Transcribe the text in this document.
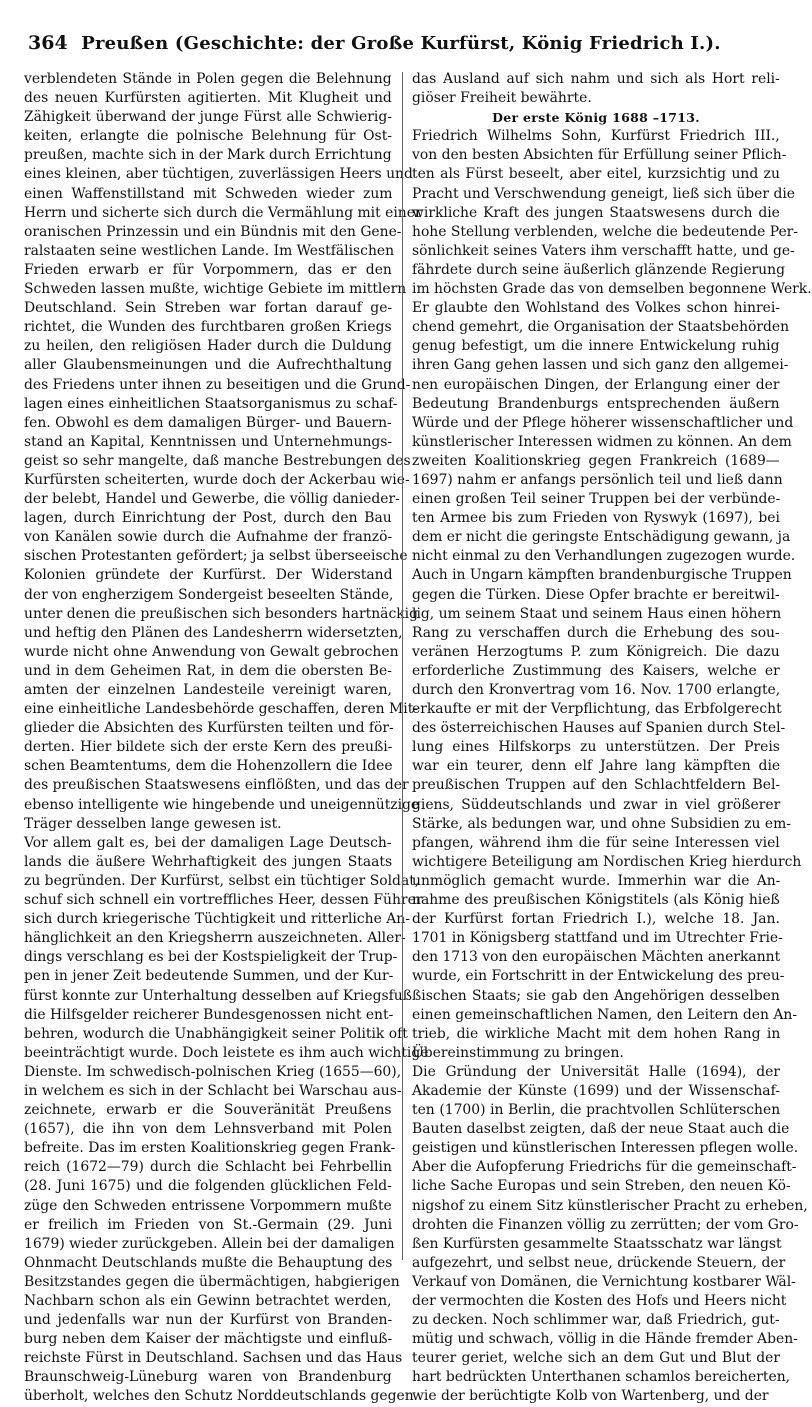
364 Preußen (Geschichte: der Große Kurfürst, König Friedrich I.).
verblendeten Stände in Polen gegen die Belehnung
des neuen Kurfürsten agitierten. Mit Klugheit und
Zähigkeit überwand der junge Fürst alle Schwierig-
keiten, erlangte die polnische Belehnung für Ost-
preußen, machte sich in der Mark durch Errichtung
eines kleinen, aber tüchtigen, zuverlässigen Heers und
einen Waffenstillstand mit Schweden wieder zum
Herrn und sicherte sich durch die Vermählung mit einer
oranischen Prinzessin und ein Bündnis mit den Gene-
ralstaaten seine westlichen Lande. Im Westfälischen
Frieden erwarb er für Vorpommern, das er den
Schweden lassen mußte, wichtige Gebiete im mittlern
Deutschland. Sein Streben war fortan darauf ge-
richtet, die Wunden des furchtbaren großen Kriegs
zu heilen, den religiösen Hader durch die Duldung
aller Glaubensmeinungen und die Aufrechthaltung
des Friedens unter ihnen zu beseitigen und die Grund-
lagen eines einheitlichen Staatsorganismus zu schaf-
fen. Obwohl es dem damaligen Bürger- und Bauern-
stand an Kapital, Kenntnissen und Unternehmungs-
geist so sehr mangelte, daß manche Bestrebungen des
Kurfürsten scheiterten, wurde doch der Ackerbau wie-
der belebt, Handel und Gewerbe, die völlig danieder-
lagen, durch Einrichtung der Post, durch den Bau
von Kanälen sowie durch die Aufnahme der franzö-
sischen Protestanten gefördert; ja selbst überseeische
Kolonien gründete der Kurfürst. Der Widerstand
der von engherzigem Sondergeist beseelten Stände,
unter denen die preußischen sich besonders hartnäckig
und heftig den Plänen des Landesherrn widersetzten,
wurde nicht ohne Anwendung von Gewalt gebrochen
und in dem Geheimen Rat, in dem die obersten Be-
amten der einzelnen Landesteile vereinigt waren,
eine einheitliche Landesbehörde geschaffen, deren Mit-
glieder die Absichten des Kurfürsten teilten und för-
derten. Hier bildete sich der erste Kern des preußi-
schen Beamtentums, dem die Hohenzollern die Idee
des preußischen Staatswesens einflößten, und das der
ebenso intelligente wie hingebende und uneigennützige
Träger desselben lange gewesen ist.
Vor allem galt es, bei der damaligen Lage Deutsch-
lands die äußere Wehrhaftigkeit des jungen Staats
zu begründen. Der Kurfürst, selbst ein tüchtiger Soldat,
schuf sich schnell ein vortreffliches Heer, dessen Führer
sich durch kriegerische Tüchtigkeit und ritterliche An-
hänglichkeit an den Kriegsherrn auszeichneten. Aller-
dings verschlang es bei der Kostspieligkeit der Trup-
pen in jener Zeit bedeutende Summen, und der Kur-
fürst konnte zur Unterhaltung desselben auf Kriegsfuß
die Hilfsgelder reicherer Bundesgenossen nicht ent-
behren, wodurch die Unabhängigkeit seiner Politik oft
beeinträchtigt wurde. Doch leistete es ihm auch wichtige
Dienste. Im schwedisch-polnischen Krieg (1655—60),
in welchem es sich in der Schlacht bei Warschau aus-
zeichnete, erwarb er die Souveränität Preußens
(1657), die ihn von dem Lehnsverband mit Polen
befreite. Das im ersten Koalitionskrieg gegen Frank-
reich (1672—79) durch die Schlacht bei Fehrbellin
(28. Juni 1675) und die folgenden glücklichen Feld-
züge den Schweden entrissene Vorpommern mußte
er freilich im Frieden von St.-Germain (29. Juni
1679) wieder zurückgeben. Allein bei der damaligen
Ohnmacht Deutschlands mußte die Behauptung des
Besitzstandes gegen die übermächtigen, habgierigen
Nachbarn schon als ein Gewinn betrachtet werden,
und jedenfalls war nun der Kurfürst von Branden-
burg neben dem Kaiser der mächtigste und einfluß-
reichste Fürst in Deutschland. Sachsen und das Haus
Braunschweig-Lüneburg waren von Brandenburg
überholt, welches den Schutz Norddeutschlands gegen
das Ausland auf sich nahm und sich als Hort reli-
giöser Freiheit bewährte.
Der erste König 1688 –1713.
Friedrich Wilhelms Sohn, Kurfürst Friedrich III.,
von den besten Absichten für Erfüllung seiner Pflich-
ten als Fürst beseelt, aber eitel, kurzsichtig und zu
Pracht und Verschwendung geneigt, ließ sich über die
wirkliche Kraft des jungen Staatswesens durch die
hohe Stellung verblenden, welche die bedeutende Per-
sönlichkeit seines Vaters ihm verschafft hatte, und ge-
fährdete durch seine äußerlich glänzende Regierung
im höchsten Grade das von demselben begonnene Werk.
Er glaubte den Wohlstand des Volkes schon hinrei-
chend gemehrt, die Organisation der Staatsbehörden
genug befestigt, um die innere Entwickelung ruhig
ihren Gang gehen lassen und sich ganz den allgemei-
nen europäischen Dingen, der Erlangung einer der
Bedeutung Brandenburgs entsprechenden äußern
Würde und der Pflege höherer wissenschaftlicher und
künstlerischer Interessen widmen zu können. An dem
zweiten Koalitionskrieg gegen Frankreich (1689—
1697) nahm er anfangs persönlich teil und ließ dann
einen großen Teil seiner Truppen bei der verbünde-
ten Armee bis zum Frieden von Ryswyk (1697), bei
dem er nicht die geringste Entschädigung gewann, ja
nicht einmal zu den Verhandlungen zugezogen wurde.
Auch in Ungarn kämpften brandenburgische Truppen
gegen die Türken. Diese Opfer brachte er bereitwil-
lig, um seinem Staat und seinem Haus einen höhern
Rang zu verschaffen durch die Erhebung des sou-
veränen Herzogtums P. zum Königreich. Die dazu
erforderliche Zustimmung des Kaisers, welche er
durch den Kronvertrag vom 16. Nov. 1700 erlangte,
erkaufte er mit der Verpflichtung, das Erbfolgerecht
des österreichischen Hauses auf Spanien durch Stel-
lung eines Hilfskorps zu unterstützen. Der Preis
war ein teurer, denn elf Jahre lang kämpften die
preußischen Truppen auf den Schlachtfeldern Bel-
giens, Süddeutschlands und zwar in viel größerer
Stärke, als bedungen war, und ohne Subsidien zu em-
pfangen, während ihm die für seine Interessen viel
wichtigere Beteiligung am Nordischen Krieg hierdurch
unmöglich gemacht wurde. Immerhin war die An-
nahme des preußischen Königstitels (als König hieß
der Kurfürst fortan Friedrich I.), welche 18. Jan.
1701 in Königsberg stattfand und im Utrechter Frie-
den 1713 von den europäischen Mächten anerkannt
wurde, ein Fortschritt in der Entwickelung des preu-
ßischen Staats; sie gab den Angehörigen desselben
einen gemeinschaftlichen Namen, den Leitern den An-
trieb, die wirkliche Macht mit dem hohen Rang in
Übereinstimmung zu bringen.
Die Gründung der Universität Halle (1694), der
Akademie der Künste (1699) und der Wissenschaf-
ten (1700) in Berlin, die prachtvollen Schlüterschen
Bauten daselbst zeigten, daß der neue Staat auch die
geistigen und künstlerischen Interessen pflegen wolle.
Aber die Aufopferung Friedrichs für die gemeinschaft-
liche Sache Europas und sein Streben, den neuen Kö-
nigshof zu einem Sitz künstlerischer Pracht zu erheben,
drohten die Finanzen völlig zu zerrütten; der vom Gro-
ßen Kurfürsten gesammelte Staatsschatz war längst
aufgezehrt, und selbst neue, drückende Steuern, der
Verkauf von Domänen, die Vernichtung kostbarer Wäl-
der vermochten die Kosten des Hofs und Heers nicht
zu decken. Noch schlimmer war, daß Friedrich, gut-
mütig und schwach, völlig in die Hände fremder Aben-
teurer geriet, welche sich an dem Gut und Blut der
hart bedrückten Unterthanen schamlos bereicherten,
wie der berüchtigte Kolb von Wartenberg, und der
